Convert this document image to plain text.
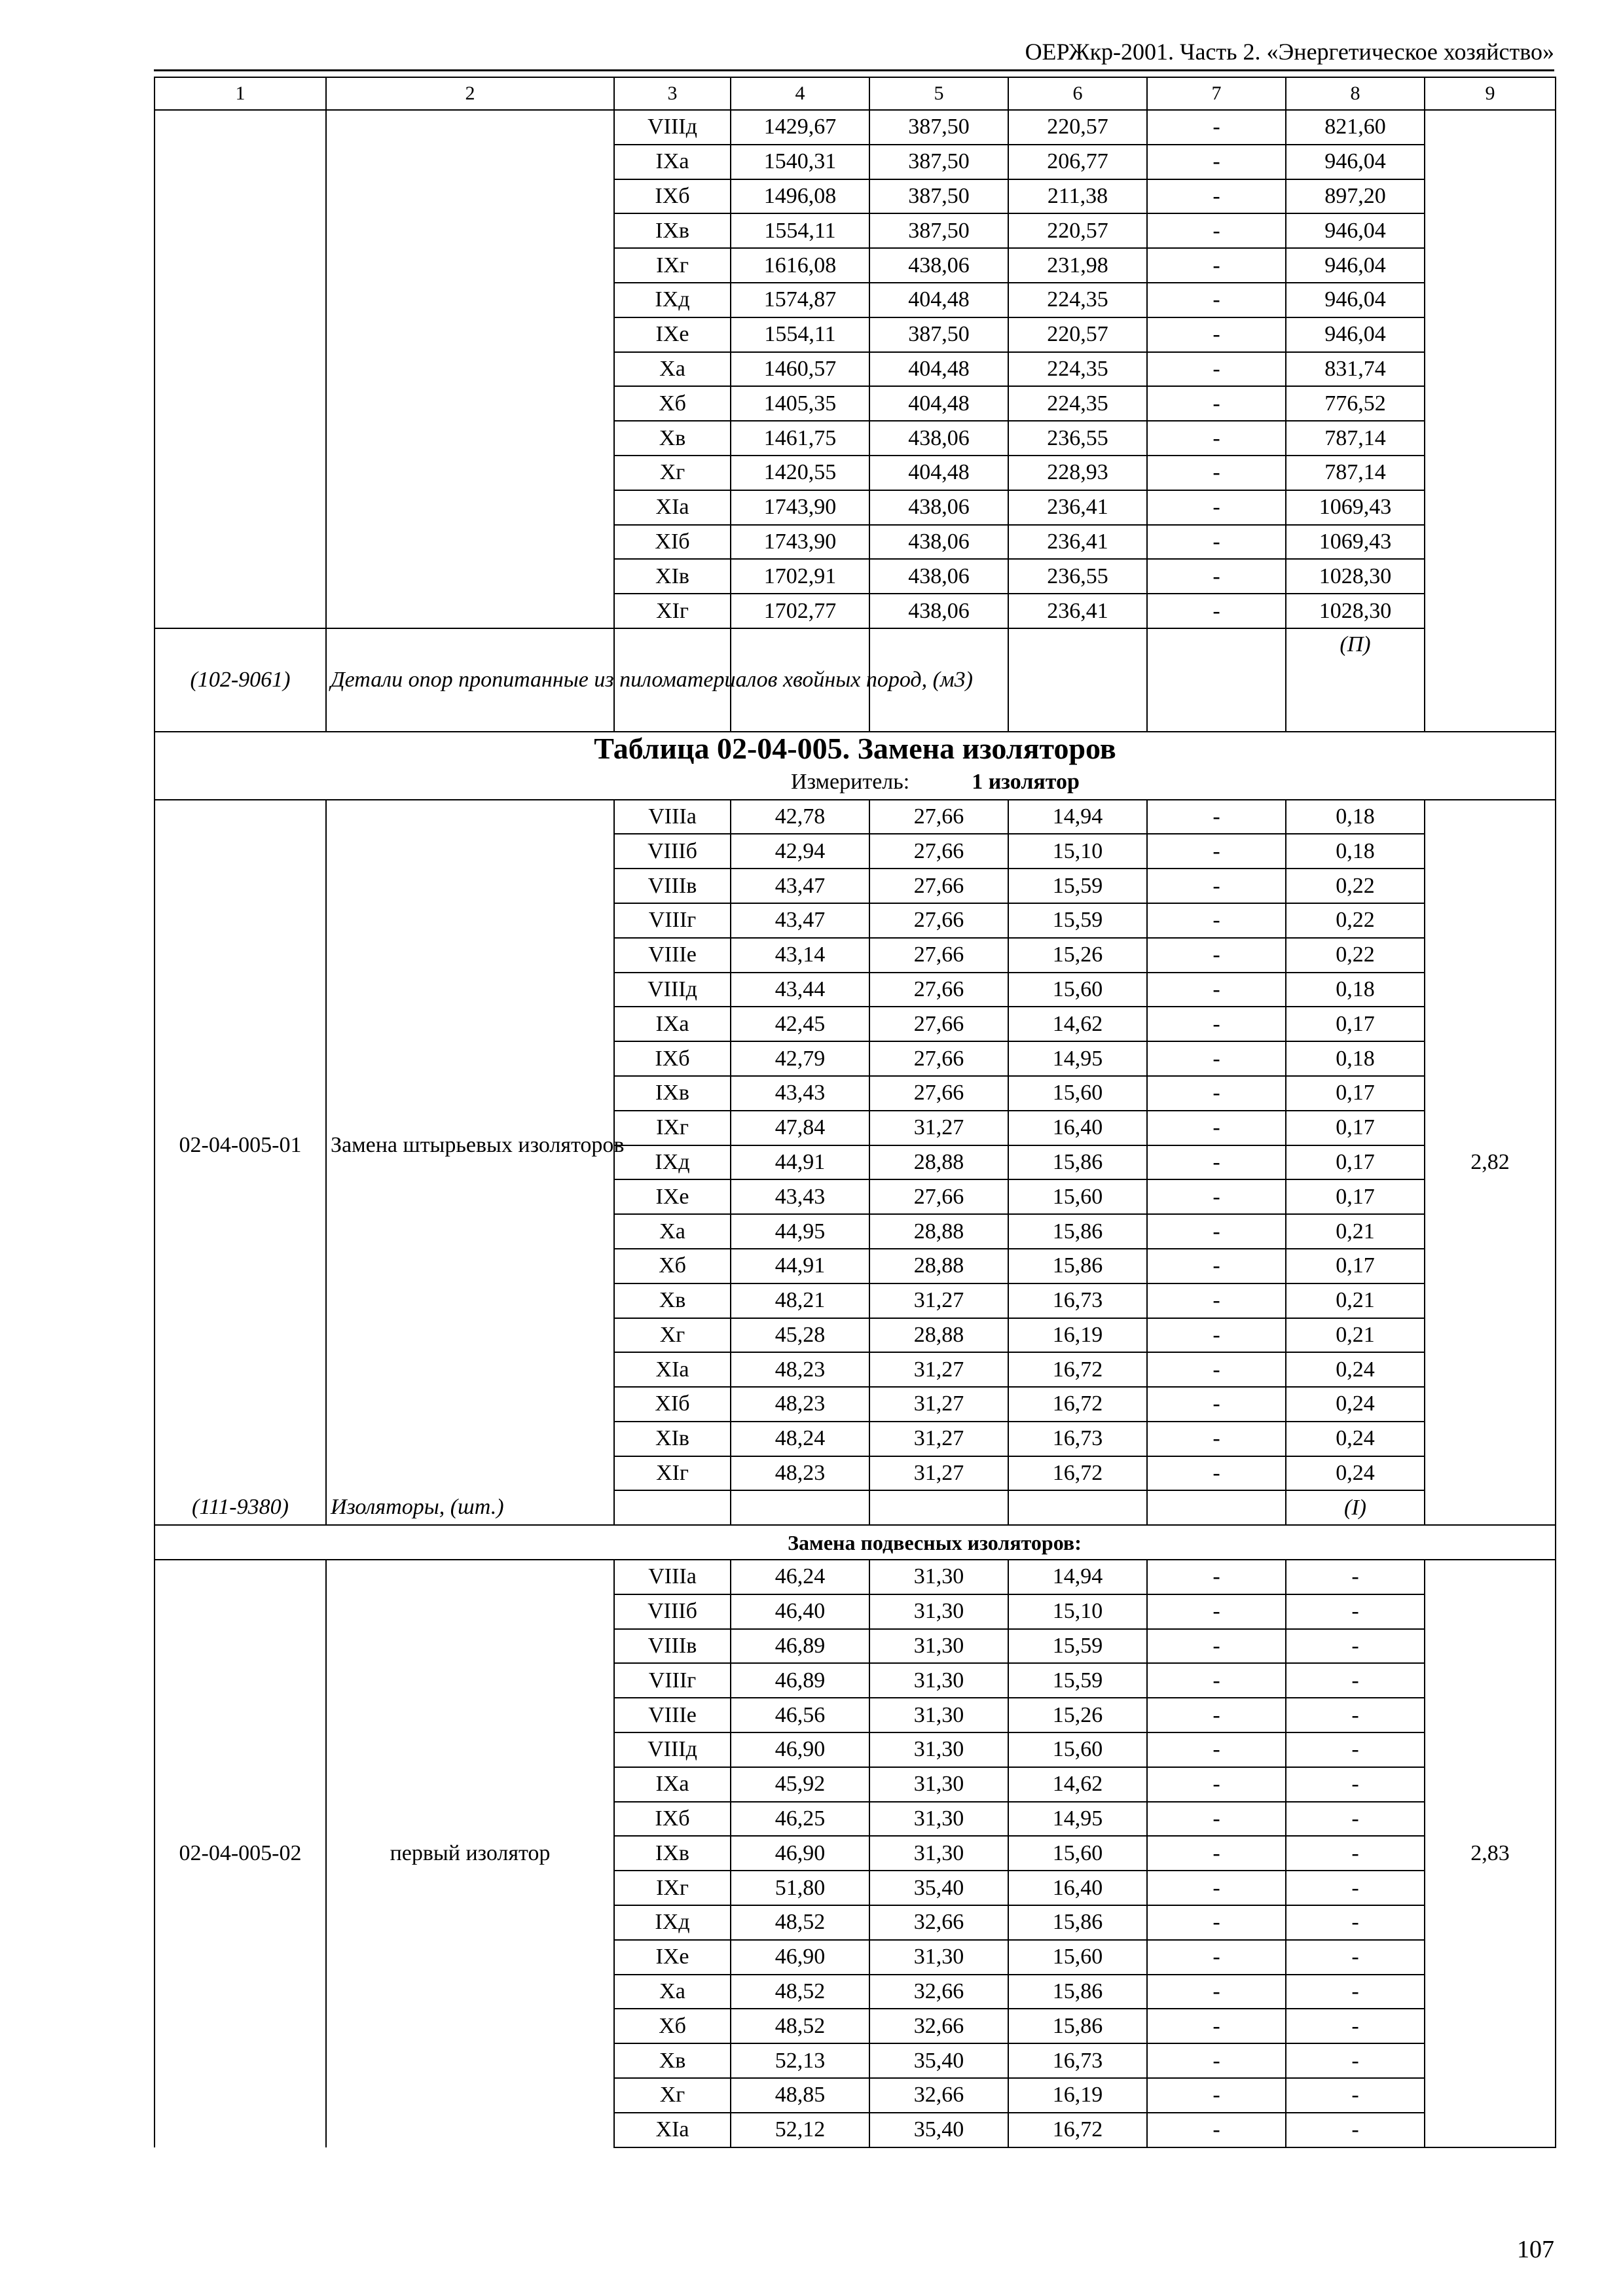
ОЕРЖкр-2001. Часть 2. «Энергетическое хозяйство»
1	2	3	4	5	6	7	8	9
		VIIIд	1429,67	387,50	220,57	-	821,60	
		IXа	1540,31	387,50	206,77	-	946,04	
		IXб	1496,08	387,50	211,38	-	897,20	
		IXв	1554,11	387,50	220,57	-	946,04	
		IXг	1616,08	438,06	231,98	-	946,04	
		IXд	1574,87	404,48	224,35	-	946,04	
		IXе	1554,11	387,50	220,57	-	946,04	
		Xа	1460,57	404,48	224,35	-	831,74	
		Xб	1405,35	404,48	224,35	-	776,52	
		Xв	1461,75	438,06	236,55	-	787,14	
		Xг	1420,55	404,48	228,93	-	787,14	
		XIа	1743,90	438,06	236,41	-	1069,43	
		XIб	1743,90	438,06	236,41	-	1069,43	
		XIв	1702,91	438,06	236,55	-	1028,30	
		XIг	1702,77	438,06	236,41	-	1028,30	
(102-9061)	Детали опор пропитанные из пиломатериалов хвойных пород, (м3)						(П)	
Таблица 02-04-005. Замена изоляторов								
Измеритель: 1 изолятор								
02-04-005-01	Замена штырьевых изоляторов	VIIIа	42,78	27,66	14,94	-	0,18	2,82
		VIIIб	42,94	27,66	15,10	-	0,18	
		VIIIв	43,47	27,66	15,59	-	0,22	
		VIIIг	43,47	27,66	15,59	-	0,22	
		VIIIе	43,14	27,66	15,26	-	0,22	
		VIIIд	43,44	27,66	15,60	-	0,18	
		IXа	42,45	27,66	14,62	-	0,17	
		IXб	42,79	27,66	14,95	-	0,18	
		IXв	43,43	27,66	15,60	-	0,17	
		IXг	47,84	31,27	16,40	-	0,17	
		IXд	44,91	28,88	15,86	-	0,17	
		IXе	43,43	27,66	15,60	-	0,17	
		Xа	44,95	28,88	15,86	-	0,21	
		Xб	44,91	28,88	15,86	-	0,17	
		Xв	48,21	31,27	16,73	-	0,21	
		Xг	45,28	28,88	16,19	-	0,21	
		XIа	48,23	31,27	16,72	-	0,24	
		XIб	48,23	31,27	16,72	-	0,24	
		XIв	48,24	31,27	16,73	-	0,24	
		XIг	48,23	31,27	16,72	-	0,24	
(111-9380)	Изоляторы, (шт.)						(I)	
Замена подвесных изоляторов:								
02-04-005-02	первый изолятор	VIIIа	46,24	31,30	14,94	-	-	2,83
		VIIIб	46,40	31,30	15,10	-	-	
		VIIIв	46,89	31,30	15,59	-	-	
		VIIIг	46,89	31,30	15,59	-	-	
		VIIIе	46,56	31,30	15,26	-	-	
		VIIIд	46,90	31,30	15,60	-	-	
		IXа	45,92	31,30	14,62	-	-	
		IXб	46,25	31,30	14,95	-	-	
		IXв	46,90	31,30	15,60	-	-	
		IXг	51,80	35,40	16,40	-	-	
		IXд	48,52	32,66	15,86	-	-	
		IXе	46,90	31,30	15,60	-	-	
		Xа	48,52	32,66	15,86	-	-	
		Xб	48,52	32,66	15,86	-	-	
		Xв	52,13	35,40	16,73	-	-	
		Xг	48,85	32,66	16,19	-	-	
		XIа	52,12	35,40	16,72	-	-	
107
